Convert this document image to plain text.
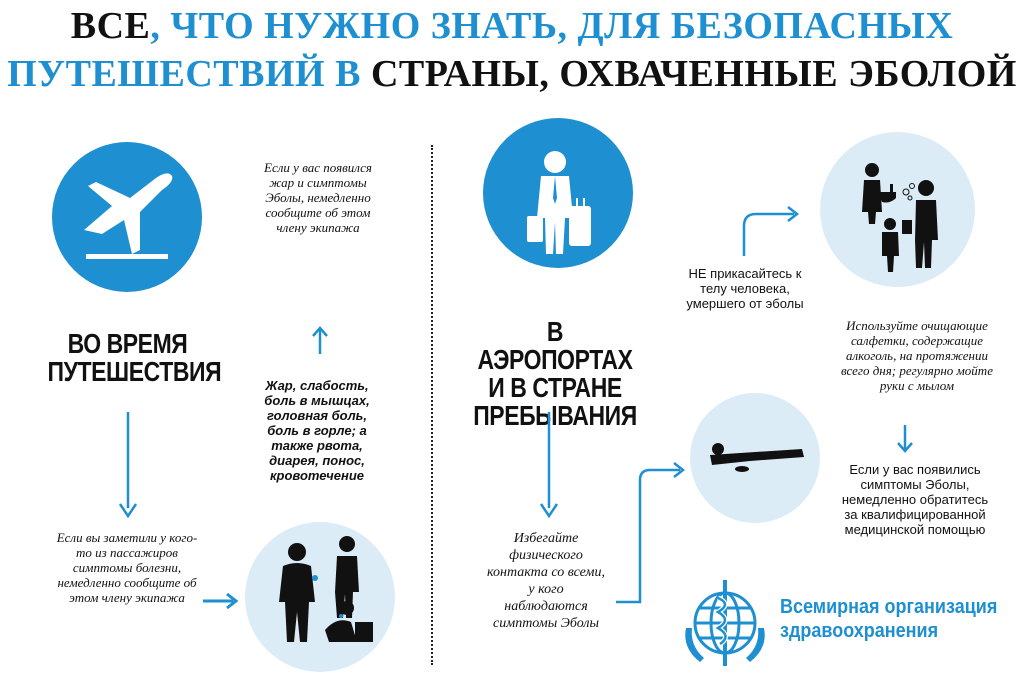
ВСЕ, ЧТО НУЖНО ЗНАТЬ, ДЛЯ БЕЗОПАСНЫХ
ПУТЕШЕСТВИЙ В СТРАНЫ, ОХВАЧЕННЫЕ ЭБОЛОЙ
ВО ВРЕМЯ
ПУТЕШЕСТВИЯ
Если вы заметили у кого-то из пассажиров симптомы болезни, немедленно сообщите об этом члену экипажа
Жар, слабость, боль в мышцах, головная боль, боль в горле; а также рвота, диарея, понос, кровотечение
Если у вас появился жар и симптомы Эболы, немедленно сообщите об этом члену экипажа
В АЭРОПОРТАХ
И В СТРАНЕ
ПРЕБЫВАНИЯ
Избегайте физического контакта со всеми, у кого наблюдаются симптомы Эболы
НЕ прикасайтесь к телу человека, умершего от эболы
Используйте очищающие салфетки, содержащие алкоголь, на протяжении всего дня; регулярно мойте руки с мылом
Если у вас появились симптомы Эболы, немедленно обратитесь за квалифицированной медицинской помощью
Всемирная организация
здравоохранения
